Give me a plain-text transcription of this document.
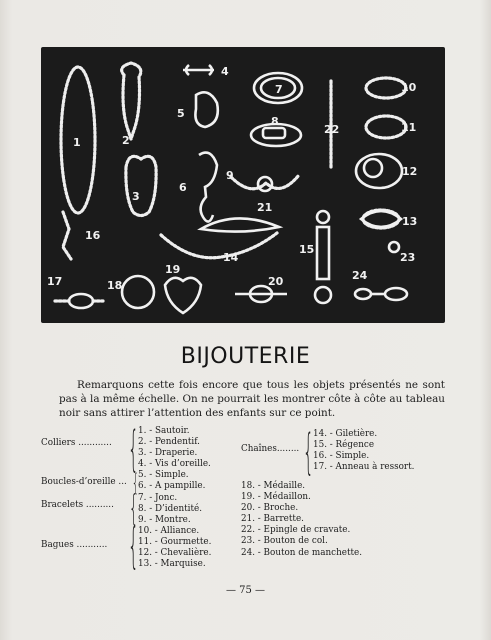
1	2
3
4
5
6
7
8
9
10
11
12
13
14
15
16
17	18
19
20
21
22
23
24
BIJOUTERIE
Remarquons cette fois encore que tous les objets présentés ne sont pas à la même échelle. On ne pourrait les montrer côte à côte au tableau noir sans attirer l’attention des enfants sur ce point.
Colliers ............ {
Boucles-d’oreille ... {
Bracelets .......... {
Bagues ........... {
1. - Sautoir.
2. - Pendentif.
3. - Draperie.
4. - Vis d’oreille.
5. - Simple.
6. - A pampille.
7. - Jonc.
8. - D’identité.
9. - Montre.
10. - Alliance.
11. - Gourmette.
12. - Chevalière.
13. - Marquise.
Chaînes........ { 14. - Giletière.
15. - Régence
16. - Simple.
17. - Anneau à ressort.
18. - Médaille.
19. - Médaillon.
20. - Broche.
21. - Barrette.
22. - Epingle de cravate.
23. - Bouton de col.
24. - Bouton de manchette.
— 75 —
